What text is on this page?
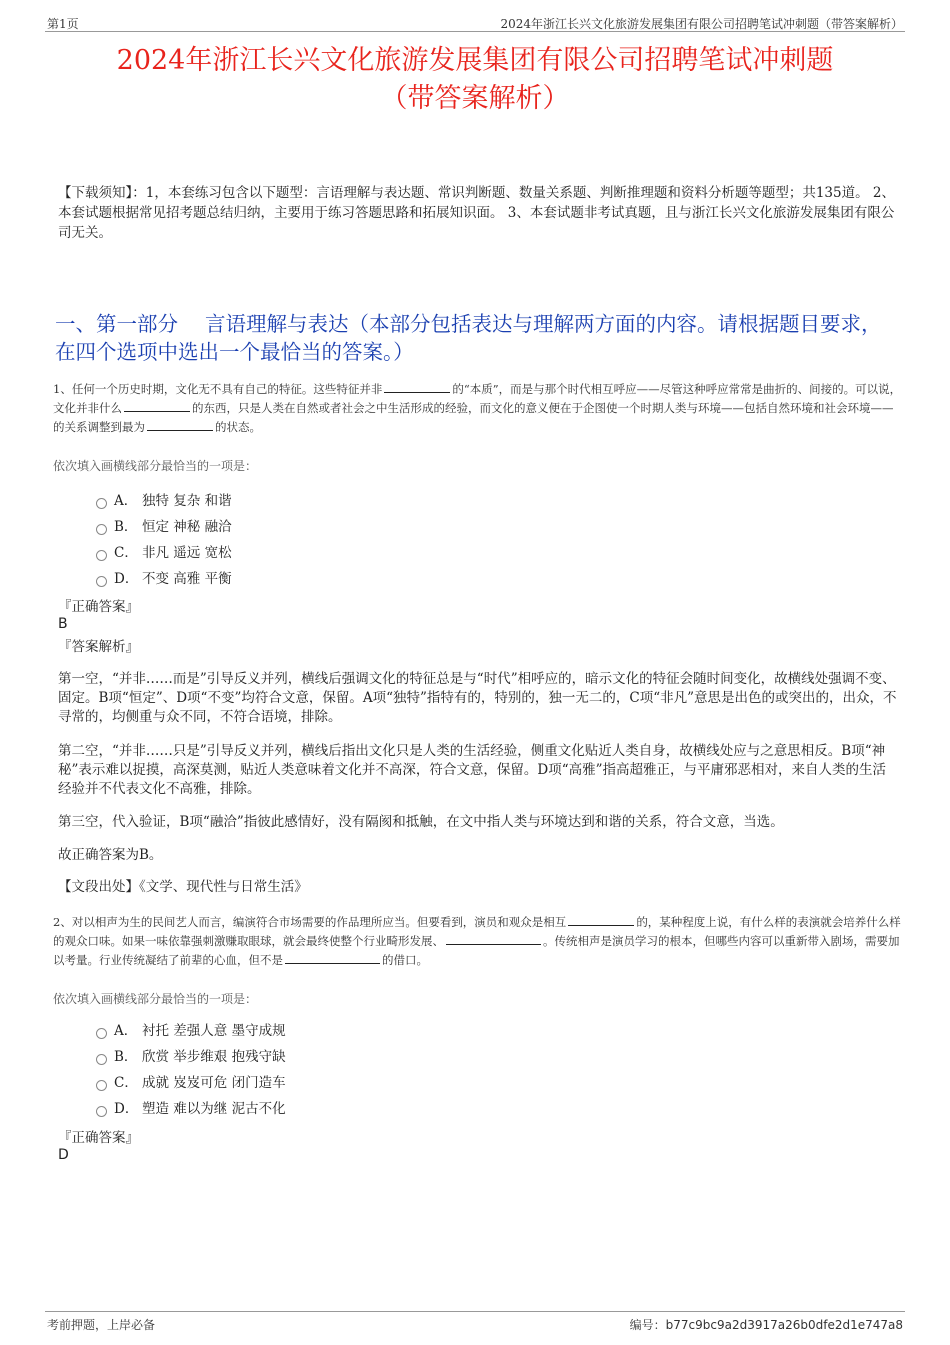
第1页	2024年浙江长兴文化旅游发展集团有限公司招聘笔试冲刺题（带答案解析）
2024年浙江长兴文化旅游发展集团有限公司招聘笔试冲刺题
（带答案解析）
【下载须知】：1，本套练习包含以下题型：言语理解与表达题、常识判断题、数量关系题、判断推理题和资料分析题等题型；共135道。 2、本套试题根据常见招考题总结归纳，主要用于练习答题思路和拓展知识面。 3、本套试题非考试真题，且与浙江长兴文化旅游发展集团有限公司无关。
一、第一部分　 言语理解与表达（本部分包括表达与理解两方面的内容。请根据题目要求，在四个选项中选出一个最恰当的答案。）
1、任何一个历史时期，文化无不具有自己的特征。这些特征并非	的“本质”，而是与那个时代相互呼应——尽管这种呼应常常是曲折的、间接的。可以说，文化并非什么	的东西，只是人类在自然或者社会之中生活形成的经验，而文化的意义便在于企图使一个时期人类与环境——包括自然环境和社会环境——的关系调整到最为	的状态。
依次填入画横线部分最恰当的一项是：
A． 独特 复杂 和谐
B． 恒定 神秘 融洽
C． 非凡 遥远 宽松
D． 不变 高雅 平衡
『正确答案』
B
『答案解析』
第一空，“并非……而是”引导反义并列，横线后强调文化的特征总是与“时代”相呼应的，暗示文化的特征会随时间变化，故横线处强调不变、固定。B项“恒定”、D项“不变”均符合文意，保留。A项“独特”指特有的，特别的，独一无二的，C项“非凡”意思是出色的或突出的，出众，不寻常的，均侧重与众不同，不符合语境，排除。
第二空，“并非……只是”引导反义并列，横线后指出文化只是人类的生活经验，侧重文化贴近人类自身，故横线处应与之意思相反。B项“神秘”表示难以捉摸，高深莫测，贴近人类意味着文化并不高深，符合文意，保留。D项“高雅”指高超雅正，与平庸邪恶相对，来自人类的生活经验并不代表文化不高雅，排除。
第三空，代入验证，B项“融洽”指彼此感情好，没有隔阂和抵触，在文中指人类与环境达到和谐的关系，符合文意，当选。
故正确答案为B。
【文段出处】《文学、现代性与日常生活》
2、对以相声为生的民间艺人而言，编演符合市场需要的作品理所应当。但要看到，演员和观众是相互	的，某种程度上说，有什么样的表演就会培养什么样的观众口味。如果一味依靠强刺激赚取眼球，就会最终使整个行业畸形发展、	。传统相声是演员学习的根本，但哪些内容可以重新带入剧场，需要加以考量。行业传统凝结了前辈的心血，但不是	的借口。
依次填入画横线部分最恰当的一项是：
A． 衬托 差强人意 墨守成规
B． 欣赏 举步维艰 抱残守缺
C． 成就 岌岌可危 闭门造车
D． 塑造 难以为继 泥古不化
『正确答案』
D
考前押题，上岸必备	编号：b77c9bc9a2d3917a26b0dfe2d1e747a8
